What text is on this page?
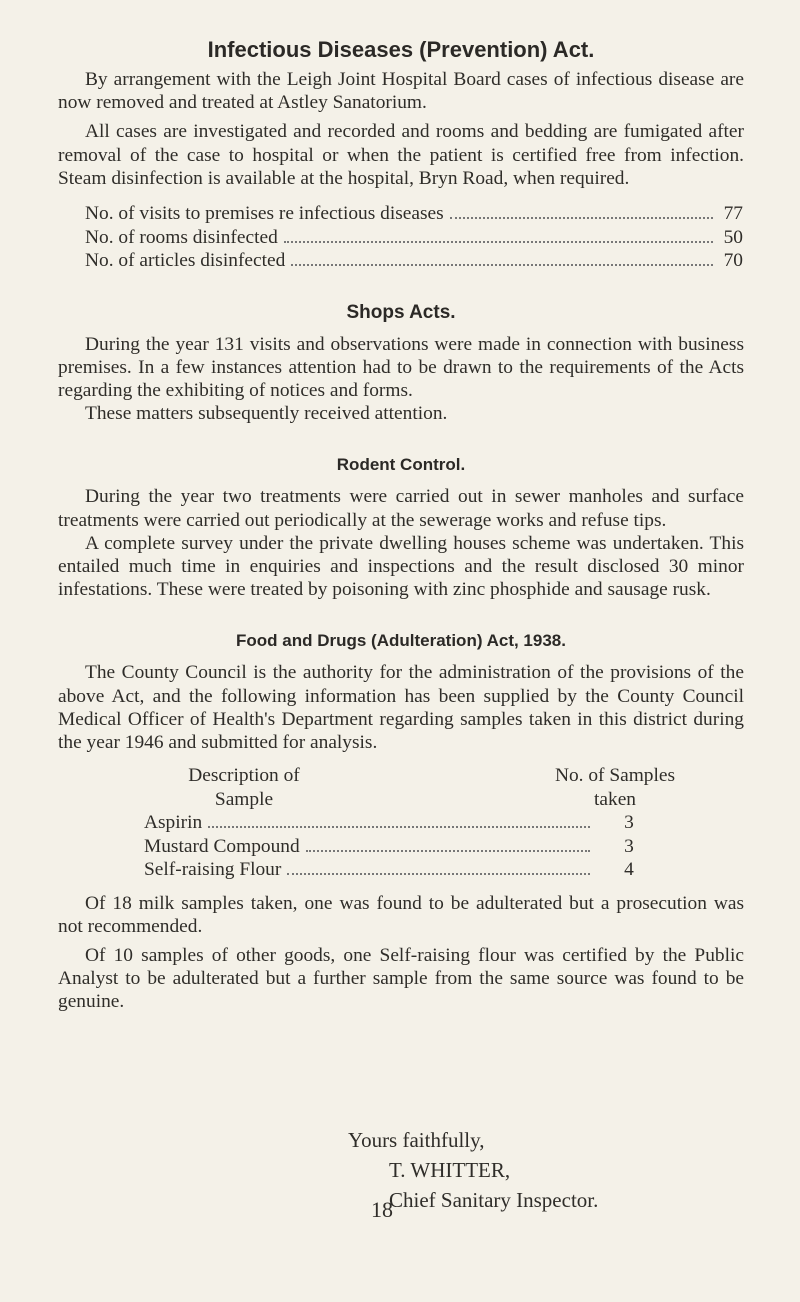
Infectious Diseases (Prevention) Act.

By arrangement with the Leigh Joint Hospital Board cases of infectious disease are now removed and treated at Astley Sanatorium.

All cases are investigated and recorded and rooms and bedding are fumigated after removal of the case to hospital or when the patient is certified free from infection. Steam disinfection is available at the hospital, Bryn Road, when required.

No. of visits to premises re infectious diseases	77
No. of rooms disinfected	50
No. of articles disinfected	70
Shops Acts.

During the year 131 visits and observations were made in connection with business premises. In a few instances attention had to be drawn to the requirements of the Acts regarding the exhibiting of notices and forms.

These matters subsequently received attention.

Rodent Control.

During the year two treatments were carried out in sewer manholes and surface treatments were carried out periodically at the sewerage works and refuse tips.

A complete survey under the private dwelling houses scheme was undertaken. This entailed much time in enquiries and inspections and the result disclosed 30 minor infestations. These were treated by poisoning with zinc phosphide and sausage rusk.

Food and Drugs (Adulteration) Act, 1938.

The County Council is the authority for the administration of the provisions of the above Act, and the following information has been supplied by the County Council Medical Officer of Health's Department regarding samples taken in this district during the year 1946 and submitted for analysis.

Description of
Sample
No. of Samples
taken
Aspirin	3
Mustard Compound	3
Self-raising Flour	4

Of 18 milk samples taken, one was found to be adulterated but a prosecution was not recommended.

Of 10 samples of other goods, one Self-raising flour was certified by the Public Analyst to be adulterated but a further sample from the same source was found to be genuine.

Yours faithfully,
T. WHITTER,
Chief Sanitary Inspector.
18
